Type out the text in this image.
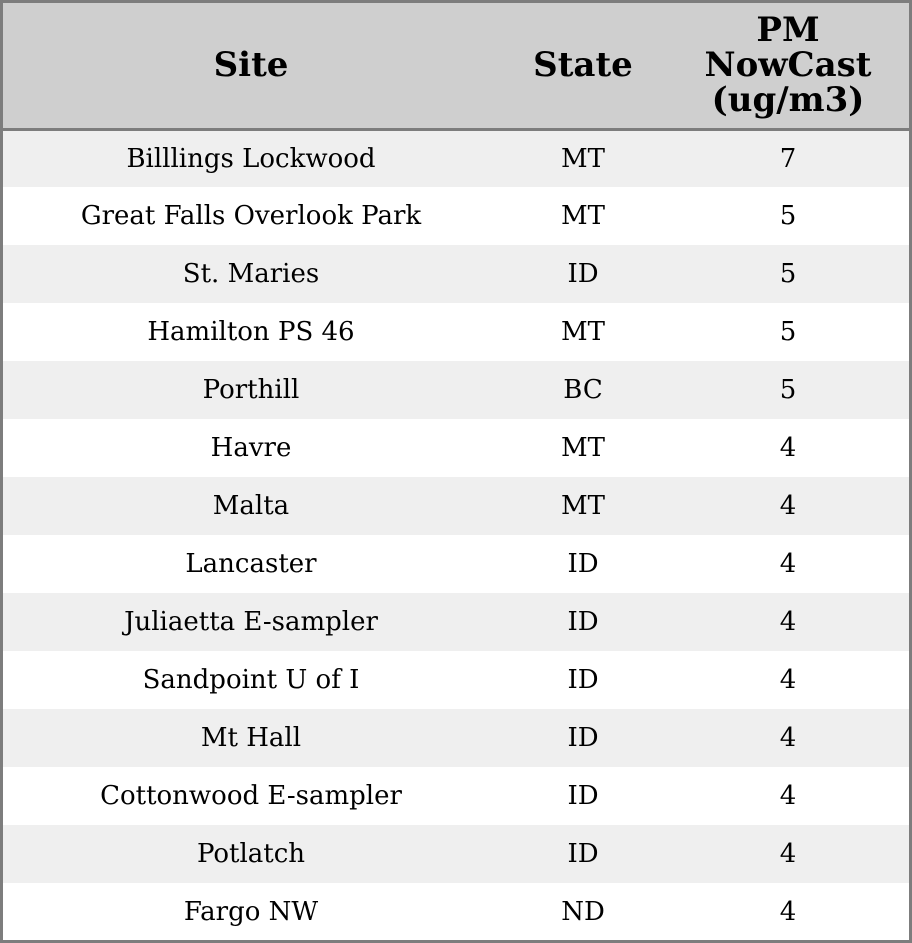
Site	State	PM
NowCast
(ug/m3)

Billlings Lockwood	MT	7
Great Falls Overlook Park	MT	5
St. Maries	ID	5
Hamilton PS 46	MT	5
Porthill	BC	5
Havre	MT	4
Malta	MT	4
Lancaster	ID	4
Juliaetta E-sampler	ID	4
Sandpoint U of I	ID	4
Mt Hall	ID	4
Cottonwood E-sampler	ID	4
Potlatch	ID	4
Fargo NW	ND	4
